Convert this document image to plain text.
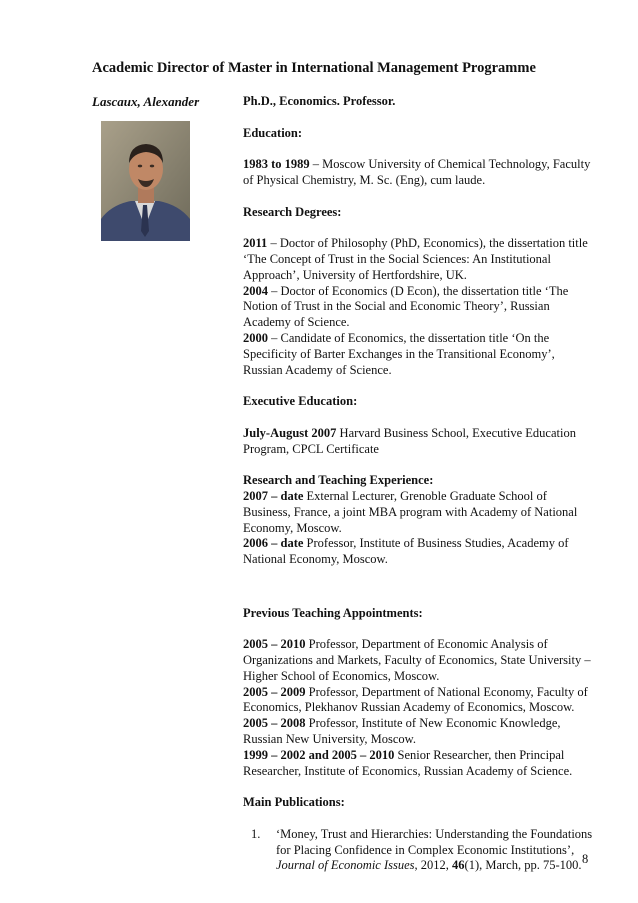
Academic Director of Master in International Management Programme
Lascaux, Alexander	Ph.D., Economics. Professor.

Education:

1983 to 1989 – Moscow University of Chemical Technology, Faculty of Physical Chemistry, M. Sc. (Eng), cum laude.

Research Degrees:

2011 – Doctor of Philosophy (PhD, Economics), the dissertation title ‘The Concept of Trust in the Social Sciences: An Institutional Approach’, University of Hertfordshire, UK.

2004 – Doctor of Economics (D Econ), the dissertation title ‘The Notion of Trust in the Social and Economic Theory’, Russian Academy of Science.

2000 – Candidate of Economics, the dissertation title ‘On the Specificity of Barter Exchanges in the Transitional Economy’, Russian Academy of Science.

Executive Education:

July-August 2007 Harvard Business School, Executive Education Program, CPCL Certificate

Research and Teaching Experience:

2007 – date External Lecturer, Grenoble Graduate School of Business, France, a joint MBA program with Academy of National Economy, Moscow.

2006 – date Professor, Institute of Business Studies, Academy of National Economy, Moscow.

Previous Teaching Appointments:

2005 – 2010 Professor, Department of Economic Analysis of Organizations and Markets, Faculty of Economics, State University – Higher School of Economics, Moscow.

2005 – 2009 Professor, Department of National Economy, Faculty of Economics, Plekhanov Russian Academy of Economics, Moscow.

2005 – 2008 Professor, Institute of New Economic Knowledge, Russian New University, Moscow.

1999 – 2002 and 2005 – 2010 Senior Researcher, then Principal Researcher, Institute of Economics, Russian Academy of Science.

Main Publications:

1.	‘Money, Trust and Hierarchies: Understanding the Foundations for Placing Confidence in Complex Economic Institutions’, Journal of Economic Issues, 2012, 46(1), March, pp. 75-100. 8
